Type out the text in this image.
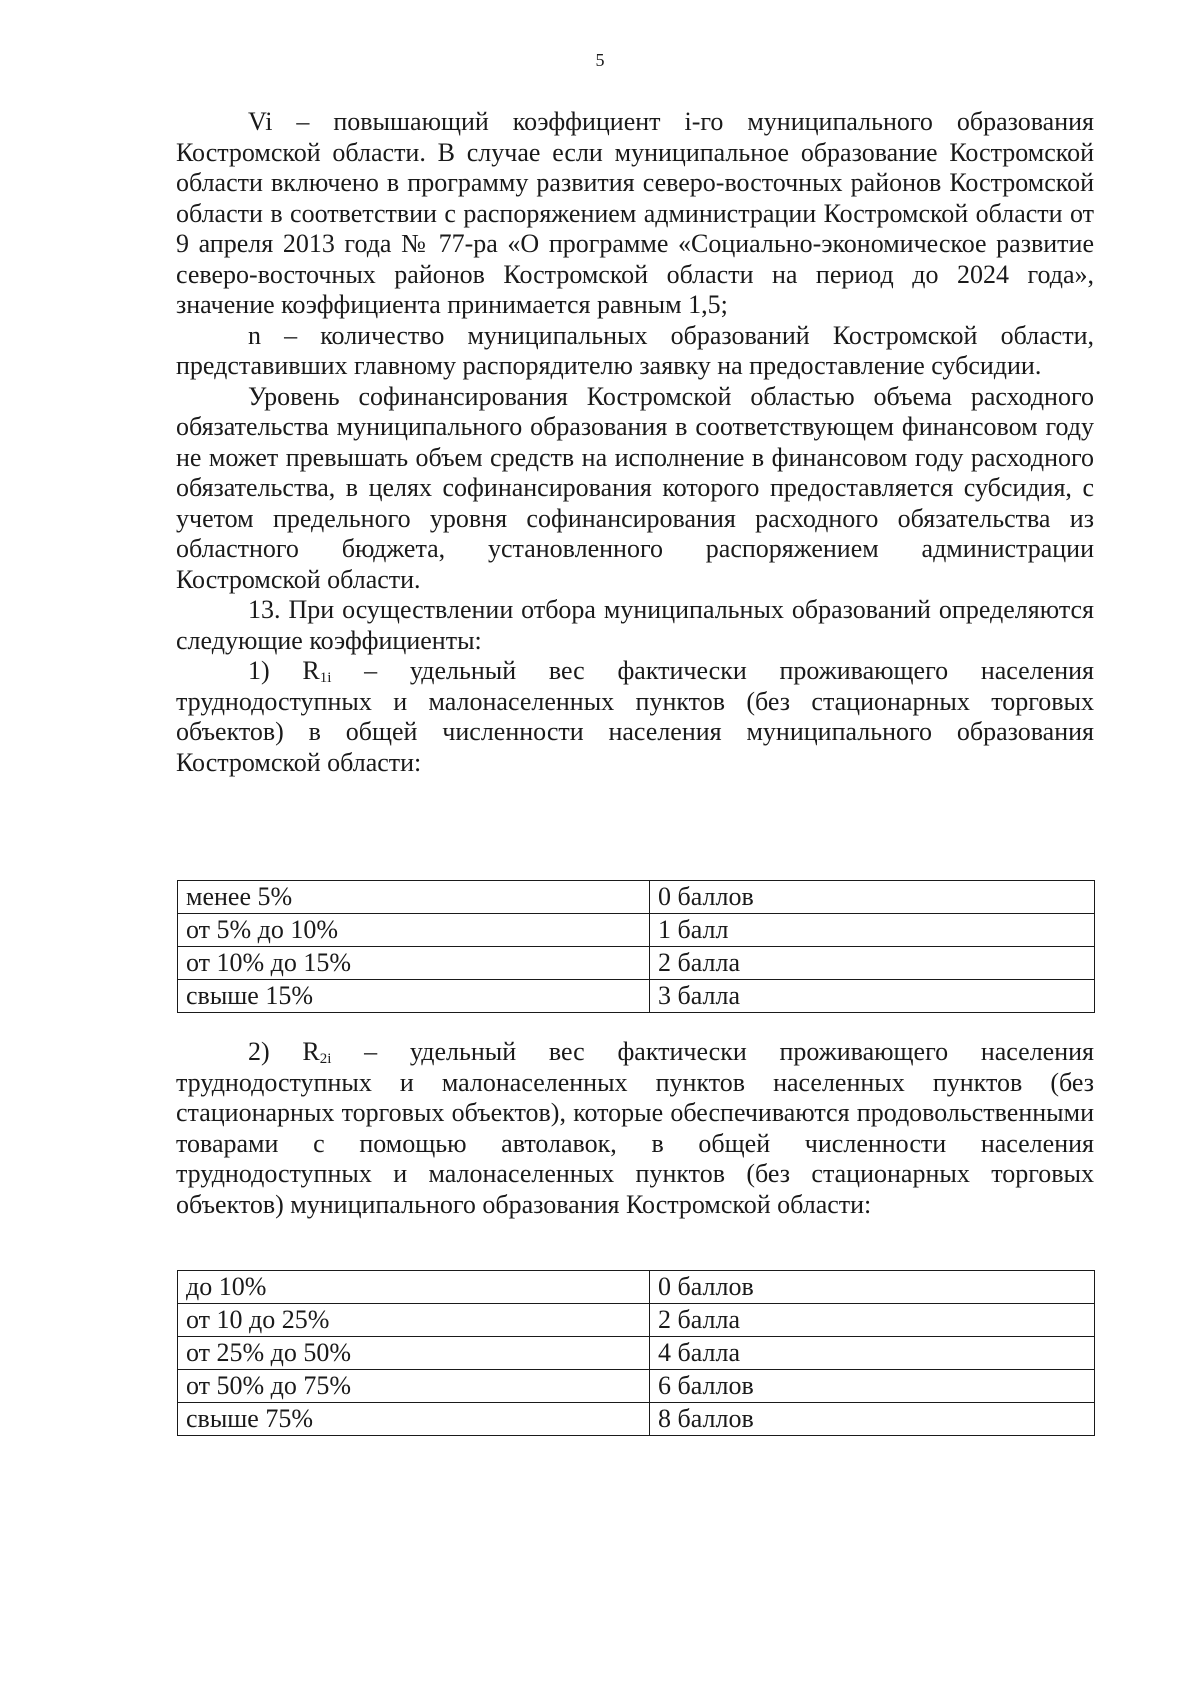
5

Vi – повышающий коэффициент i-го муниципального образования Костромской области. В случае если муниципальное образование Костромской области включено в программу развития северо-восточных районов Костромской области в соответствии с распоряжением администрации Костромской области от 9 апреля 2013 года № 77-ра «О программе «Социально-экономическое развитие северо-восточных районов Костромской области на период до 2024 года», значение коэффициента принимается равным 1,5;

n – количество муниципальных образований Костромской области, представивших главному распорядителю заявку на предоставление субсидии.

Уровень софинансирования Костромской областью объема расходного обязательства муниципального образования в соответствующем финансовом году не может превышать объем средств на исполнение в финансовом году расходного обязательства, в целях софинансирования которого предоставляется субсидия, с учетом предельного уровня софинансирования расходного обязательства из областного бюджета, установленного распоряжением администрации Костромской области.

13. При осуществлении отбора муниципальных образований определяются следующие коэффициенты:

1) $R_{1i}$ – удельный вес фактически проживающего населения труднодоступных и малонаселенных пунктов (без стационарных торговых объектов) в общей численности населения муниципального образования Костромской области:

менее 5%	0 баллов
от 5% до 10%	1 балл
от 10% до 15%	2 балла
свыше 15%	3 балла

2) $R_{2i}$ – удельный вес фактически проживающего населения труднодоступных и малонаселенных пунктов населенных пунктов (без стационарных торговых объектов), которые обеспечиваются продовольственными товарами с помощью автолавок, в общей численности населения труднодоступных и малонаселенных пунктов (без стационарных торговых объектов) муниципального образования Костромской области:

до 10%	0 баллов
от 10 до 25%	2 балла
от 25% до 50%	4 балла
от 50% до 75%	6 баллов
свыше 75%	8 баллов
